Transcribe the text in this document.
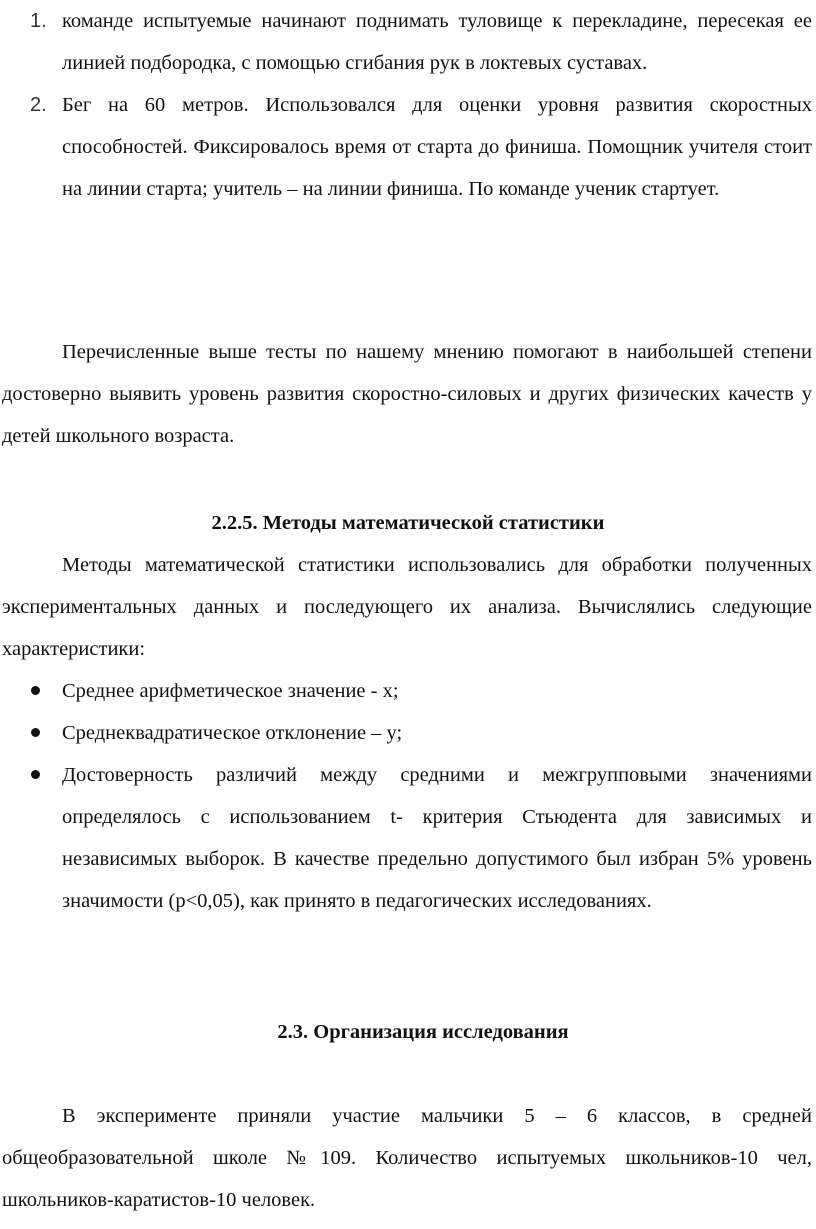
1. команде испытуемые начинают поднимать туловище к перекладине, пересекая ее линией подбородка, с помощью сгибания рук в локтевых суставах.
2. Бег на 60 метров. Использовался для оценки уровня развития скоростных способностей. Фиксировалось время от старта до финиша. Помощник учителя стоит на линии старта; учитель – на линии финиша. По команде ученик стартует.

Перечисленные выше тесты по нашему мнению помогают в наибольшей степени достоверно выявить уровень развития скоростно-силовых и других физических качеств у детей школьного возраста.

2.2.5. Методы математической статистики

Методы математической статистики использовались для обработки полученных экспериментальных данных и последующего их анализа. Вычислялись следующие характеристики:

Среднее арифметическое значение - х;
Среднеквадратическое отклонение – у;
Достоверность различий между средними и межгрупповыми значениями определялось с использованием t- критерия Стьюдента для зависимых и независимых выборок. В качестве предельно допустимого был избран 5% уровень значимости (р<0,05), как принято в педагогических исследованиях.
2.3. Организация исследования

В эксперименте приняли участие мальчики 5 – 6 классов, в средней общеобразовательной школе №109. Количество испытуемых школьников-10 чел, школьников-каратистов-10 человек.
